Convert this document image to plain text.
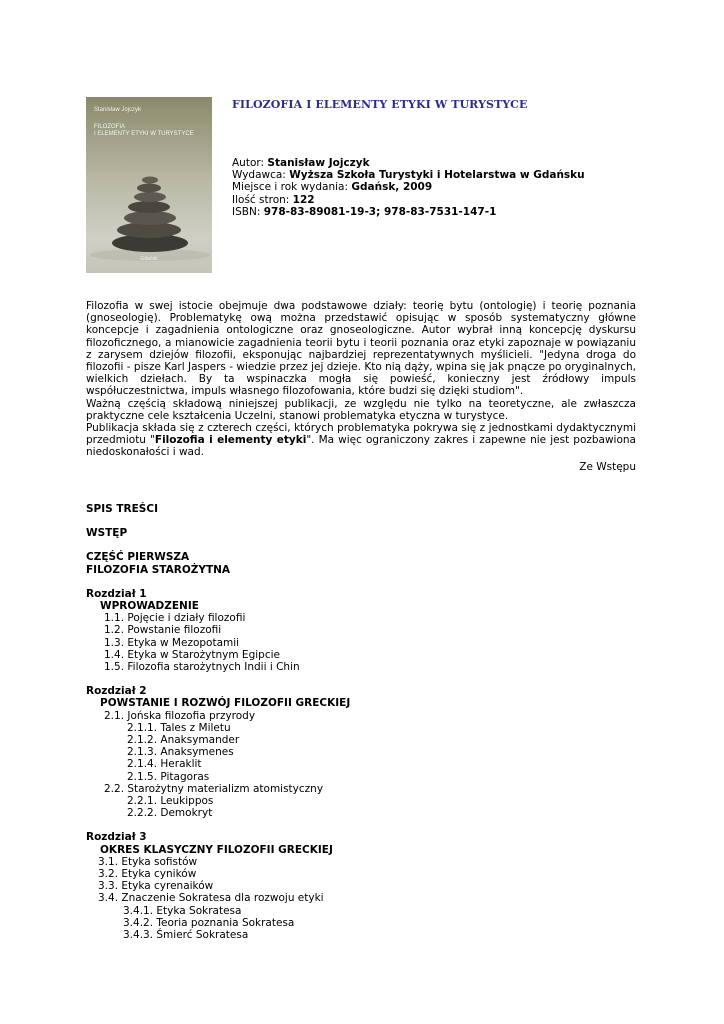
Stanisław Jojczyk
FILOZOFIA
I ELEMENTY ETYKI W TURYSTYCE
Gdańsk
FILOZOFIA I ELEMENTY ETYKI W TURYSTYCE
Autor: Stanisław Jojczyk
Wydawca: Wyższa Szkoła Turystyki i Hotelarstwa w Gdańsku
Miejsce i rok wydania: Gdańsk, 2009
Ilość stron: 122
ISBN: 978-83-89081-19-3; 978-83-7531-147-1

Filozofia w swej istocie obejmuje dwa podstawowe działy: teorię bytu (ontologię) i teorię poznania (gnoseologię). Problematykę ową można przedstawić opisując w sposób systematyczny główne koncepcje i zagadnienia ontologiczne oraz gnoseologiczne. Autor wybrał inną koncepcję dyskursu filozoficznego, a mianowicie zagadnienia teorii bytu i teorii poznania oraz etyki zapoznaje w powiązaniu z zarysem dziejów filozofii, eksponując najbardziej reprezentatywnych myślicieli. "Jedyna droga do filozofii - pisze Karl Jaspers - wiedzie przez jej dzieje. Kto nią dąży, wpina się jak pnącze po oryginalnych, wielkich dziełach. By ta wspinaczka mogła się powieść, konieczny jest źródłowy impuls współuczestnictwa, impuls własnego filozofowania, które budzi się dzięki studiom".

Ważną częścią składową niniejszej publikacji, ze względu nie tylko na teoretyczne, ale zwłaszcza praktyczne cele kształcenia Uczelni, stanowi problematyka etyczna w turystyce.

Publikacja składa się z czterech części, których problematyka pokrywa się z jednostkami dydaktycznymi przedmiotu "Filozofia i elementy etyki". Ma więc ograniczony zakres i zapewne nie jest pozbawiona niedoskonałości i wad.

Ze Wstępu

SPIS TREŚCI
WSTĘP
CZĘŚĆ PIERWSZA
FILOZOFIA STAROŻYTNA
Rozdział 1
WPROWADZENIE
1.1. Pojęcie i działy filozofii
1.2. Powstanie filozofii
1.3. Etyka w Mezopotamii
1.4. Etyka w Starożytnym Egipcie
1.5. Filozofia starożytnych Indii i Chin
Rozdział 2
POWSTANIE I ROZWÓJ FILOZOFII GRECKIEJ
2.1. Jońska filozofia przyrody
2.1.1. Tales z Miletu
2.1.2. Anaksymander
2.1.3. Anaksymenes
2.1.4. Heraklit
2.1.5. Pitagoras
2.2. Starożytny materializm atomistyczny
2.2.1. Leukippos
2.2.2. Demokryt
Rozdział 3
OKRES KLASYCZNY FILOZOFII GRECKIEJ
3.1. Etyka sofistów
3.2. Etyka cyników
3.3. Etyka cyrenaików
3.4. Znaczenie Sokratesa dla rozwoju etyki
3.4.1. Etyka Sokratesa
3.4.2. Teoria poznania Sokratesa
3.4.3. Śmierć Sokratesa
